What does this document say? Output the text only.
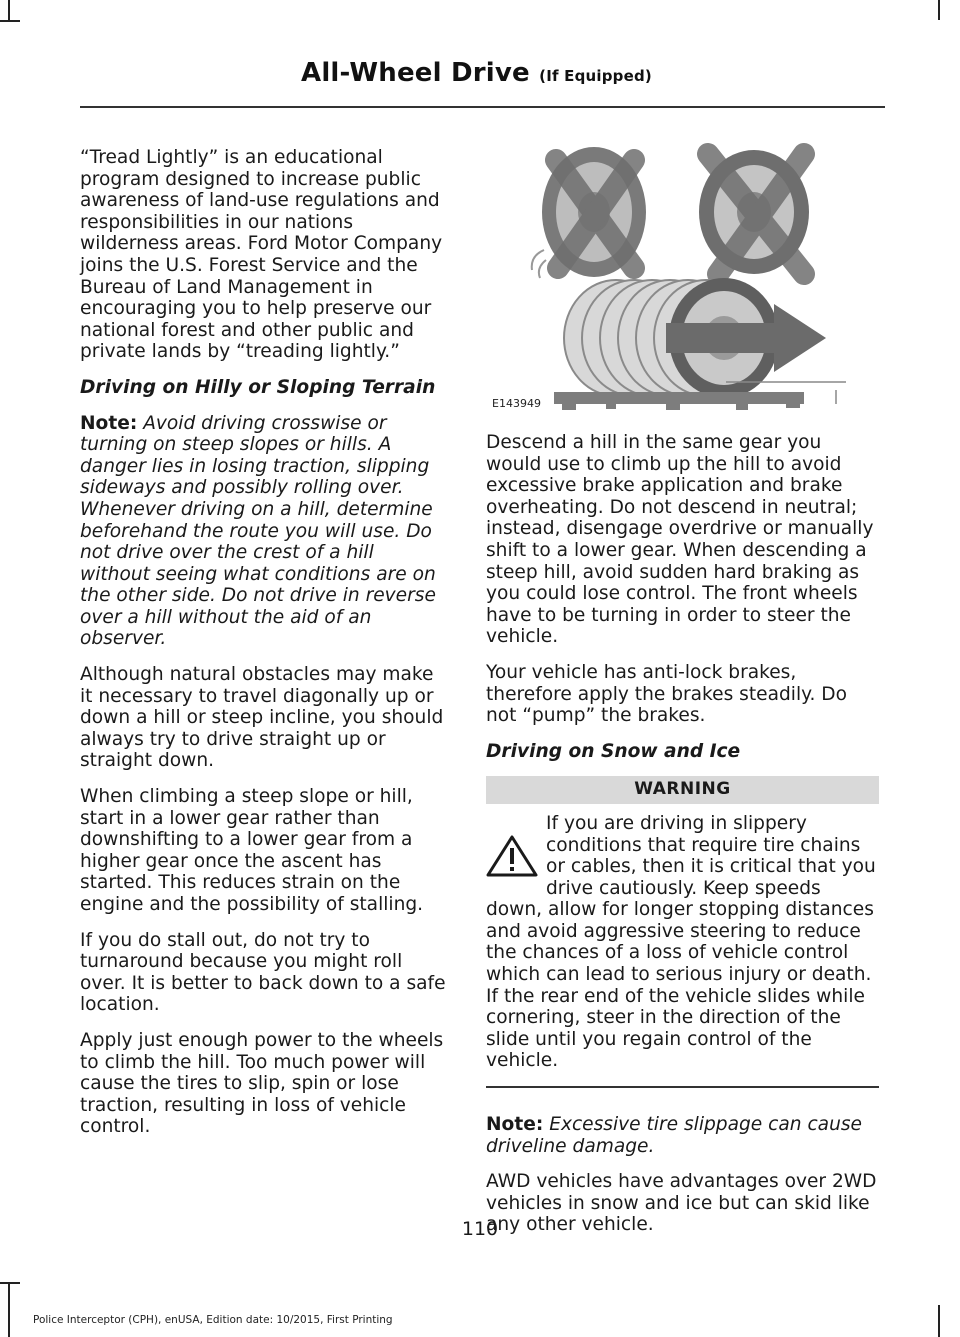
All-Wheel Drive (If Equipped)

“Tread Lightly” is an educational program designed to increase public awareness of land-use regulations and responsibilities in our nations wilderness areas. Ford Motor Company joins the U.S. Forest Service and the Bureau of Land Management in encouraging you to help preserve our national forest and other public and private lands by “treading lightly.”

Driving on Hilly or Sloping Terrain

Note: Avoid driving crosswise or turning on steep slopes or hills. A danger lies in losing traction, slipping sideways and possibly rolling over. Whenever driving on a hill, determine beforehand the route you will use. Do not drive over the crest of a hill without seeing what conditions are on the other side. Do not drive in reverse over a hill without the aid of an observer.

Although natural obstacles may make it necessary to travel diagonally up or down a hill or steep incline, you should always try to drive straight up or straight down.

When climbing a steep slope or hill, start in a lower gear rather than downshifting to a lower gear from a higher gear once the ascent has started. This reduces strain on the engine and the possibility of stalling.

If you do stall out, do not try to turnaround because you might roll over. It is better to back down to a safe location.

Apply just enough power to the wheels to climb the hill. Too much power will cause the tires to slip, spin or lose traction, resulting in loss of vehicle control.

E143949

Descend a hill in the same gear you would use to climb up the hill to avoid excessive brake application and brake overheating. Do not descend in neutral; instead, disengage overdrive or manually shift to a lower gear. When descending a steep hill, avoid sudden hard braking as you could lose control. The front wheels have to be turning in order to steer the vehicle.

Your vehicle has anti-lock brakes, therefore apply the brakes steadily. Do not “pump” the brakes.

Driving on Snow and Ice

WARNING
If you are driving in slippery conditions that require tire chains or cables, then it is critical that you drive cautiously. Keep speeds down, allow for longer stopping distances and avoid aggressive steering to reduce the chances of a loss of vehicle control which can lead to serious injury or death. If the rear end of the vehicle slides while cornering, steer in the direction of the slide until you regain control of the vehicle.

Note: Excessive tire slippage can cause driveline damage.

AWD vehicles have advantages over 2WD vehicles in snow and ice but can skid like any other vehicle.

110
Police Interceptor (CPH), enUSA, Edition date: 10/2015, First Printing
